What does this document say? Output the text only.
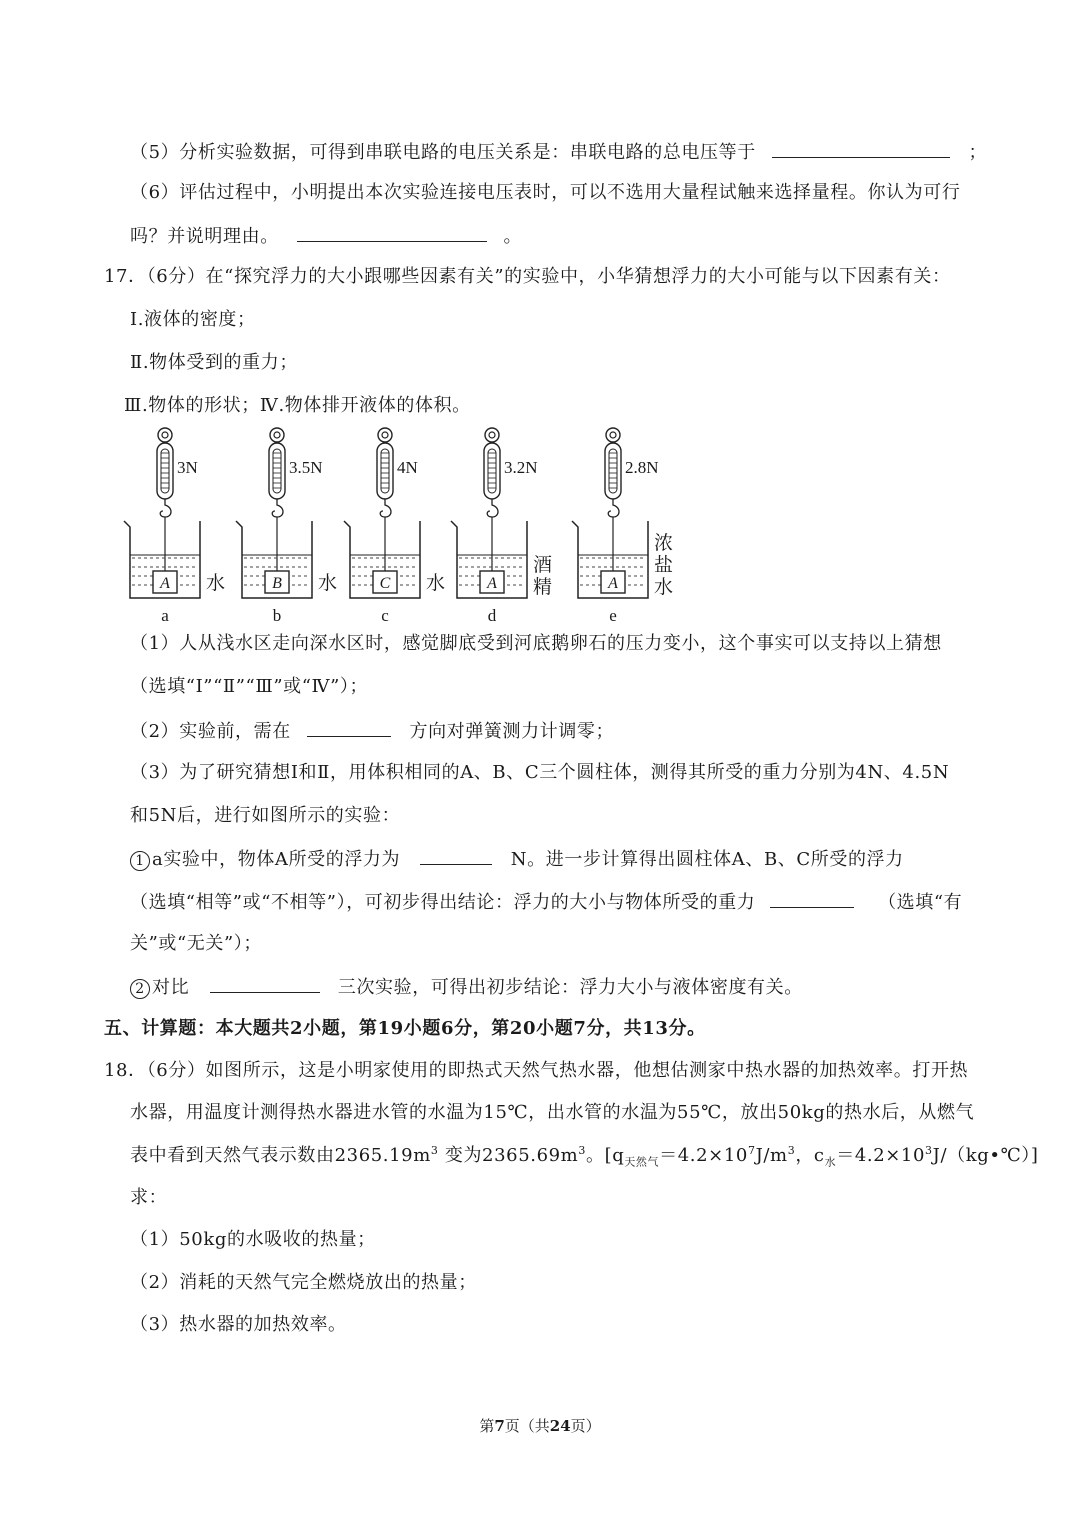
（5）分析实验数据，可得到串联电路的电压关系是：串联电路的总电压等于	；
（6）评估过程中，小明提出本次实验连接电压表时，可以不选用大量程试触来选择量程。你认为可行
吗？并说明理由。	。
17．（6分）在“探究浮力的大小跟哪些因素有关”的实验中，小华猜想浮力的大小可能与以下因素有关：
Ⅰ.液体的密度；
Ⅱ.物体受到的重力；
Ⅲ.物体的形状；Ⅳ.物体排开液体的体积。
3N
A 水
a
3.5N
B 水
b
4N
C 水
c
3.2N
A
酒
精
d
2.8N
A
浓
盐
水
e
（1）人从浅水区走向深水区时，感觉脚底受到河底鹅卵石的压力变小，这个事实可以支持以上猜想
（选填“Ⅰ”“Ⅱ”“Ⅲ”或“Ⅳ”）；
（2）实验前，需在	方向对弹簧测力计调零；
（3）为了研究猜想Ⅰ和Ⅱ，用体积相同的A、B、C三个圆柱体，测得其所受的重力分别为4N、4.5N
和5N后，进行如图所示的实验：
1 a实验中，物体A所受的浮力为	N。进一步计算得出圆柱体A、B、C所受的浮力
（选填“相等”或“不相等”），可初步得出结论：浮力的大小与物体所受的重力	（选填“有
关”或“无关”）；
2 对比	三次实验，可得出初步结论：浮力大小与液体密度有关。
五、计算题：本大题共2小题，第19小题6分，第20小题7分，共13分。
18．（6分）如图所示，这是小明家使用的即热式天然气热水器，他想估测家中热水器的加热效率。打开热
水器，用温度计测得热水器进水管的水温为15℃，出水管的水温为55℃，放出50kg的热水后，从燃气
表中看到天然气表示数由$2365.19m^3$ 变为$2365.69m^3$。[$q_{天然气}=4.2\times 10^7J/m^3$，$c_水=4.2\times 10^3J/(kg•℃)$]
求：
（1）50kg的水吸收的热量；
（2）消耗的天然气完全燃烧放出的热量；
（3）热水器的加热效率。
第7页（共24页）
